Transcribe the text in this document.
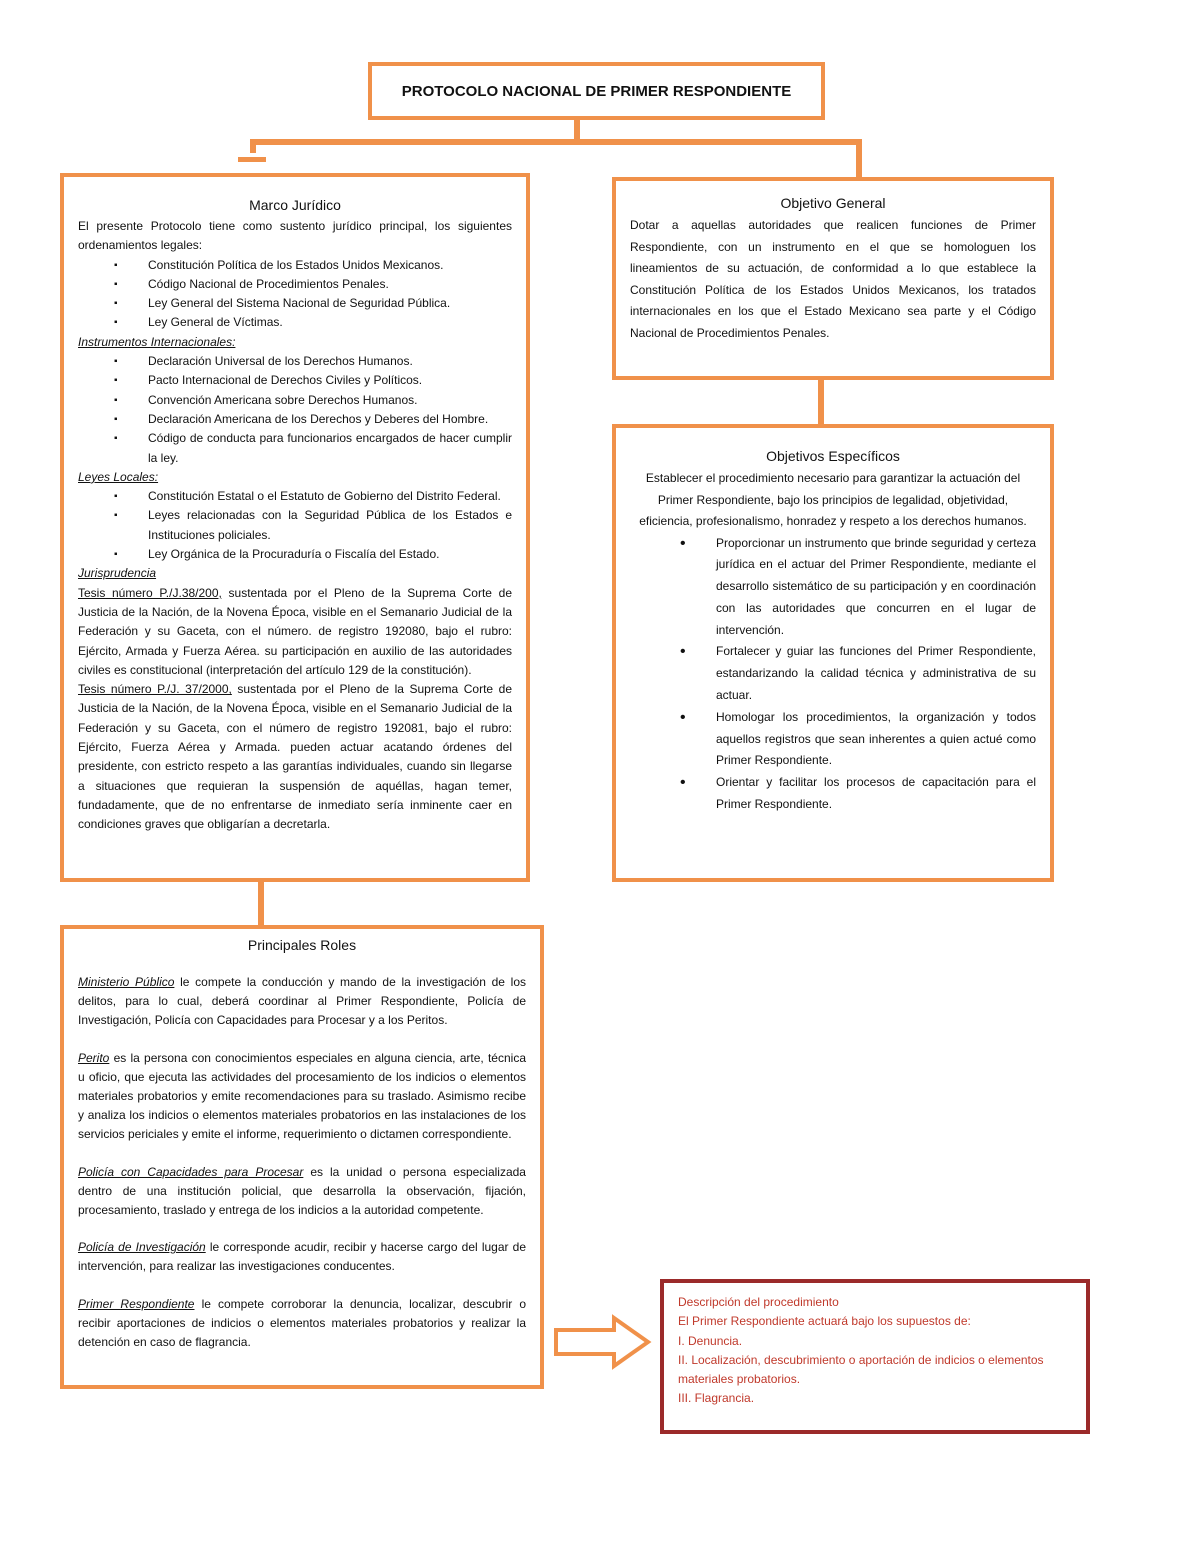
PROTOCOLO NACIONAL DE PRIMER RESPONDIENTE
Marco Jurídico

El presente Protocolo tiene como sustento jurídico principal, los siguientes ordenamientos legales:

▪ Constitución Política de los Estados Unidos Mexicanos.
▪ Código Nacional de Procedimientos Penales.
▪ Ley General del Sistema Nacional de Seguridad Pública.
▪ Ley General de Víctimas.

Instrumentos Internacionales:

▪ Declaración Universal de los Derechos Humanos.
▪ Pacto Internacional de Derechos Civiles y Políticos.
▪ Convención Americana sobre Derechos Humanos.
▪ Declaración Americana de los Derechos y Deberes del Hombre.
▪ Código de conducta para funcionarios encargados de hacer cumplir la ley.

Leyes Locales:

▪ Constitución Estatal o el Estatuto de Gobierno del Distrito Federal.
▪ Leyes relacionadas con la Seguridad Pública de los Estados e Instituciones policiales.
▪ Ley Orgánica de la Procuraduría o Fiscalía del Estado.

Jurisprudencia

Tesis número P./J.38/200, sustentada por el Pleno de la Suprema Corte de Justicia de la Nación, de la Novena Época, visible en el Semanario Judicial de la Federación y su Gaceta, con el número. de registro 192080, bajo el rubro: Ejército, Armada y Fuerza Aérea. su participación en auxilio de las autoridades civiles es constitucional (interpretación del artículo 129 de la constitución).

Tesis número P./J. 37/2000, sustentada por el Pleno de la Suprema Corte de Justicia de la Nación, de la Novena Época, visible en el Semanario Judicial de la Federación y su Gaceta, con el número de registro 192081, bajo el rubro: Ejército, Fuerza Aérea y Armada. pueden actuar acatando órdenes del presidente, con estricto respeto a las garantías individuales, cuando sin llegarse a situaciones que requieran la suspensión de aquéllas, hagan temer, fundadamente, que de no enfrentarse de inmediato sería inminente caer en condiciones graves que obligarían a decretarla.

Objetivo General

Dotar a aquellas autoridades que realicen funciones de Primer Respondiente, con un instrumento en el que se homologuen los lineamientos de su actuación, de conformidad a lo que establece la Constitución Política de los Estados Unidos Mexicanos, los tratados internacionales en los que el Estado Mexicano sea parte y el Código Nacional de Procedimientos Penales.

Objetivos Específicos

Establecer el procedimiento necesario para garantizar la actuación del Primer Respondiente, bajo los principios de legalidad, objetividad, eficiencia, profesionalismo, honradez y respeto a los derechos humanos.

• Proporcionar un instrumento que brinde seguridad y certeza jurídica en el actuar del Primer Respondiente, mediante el desarrollo sistemático de su participación y en coordinación con las autoridades que concurren en el lugar de intervención.
• Fortalecer y guiar las funciones del Primer Respondiente, estandarizando la calidad técnica y administrativa de su actuar.
• Homologar los procedimientos, la organización y todos aquellos registros que sean inherentes a quien actué como Primer Respondiente.
• Orientar y facilitar los procesos de capacitación para el Primer Respondiente.
Principales Roles

Ministerio Público le compete la conducción y mando de la investigación de los delitos, para lo cual, deberá coordinar al Primer Respondiente, Policía de Investigación, Policía con Capacidades para Procesar y a los Peritos.

Perito es la persona con conocimientos especiales en alguna ciencia, arte, técnica u oficio, que ejecuta las actividades del procesamiento de los indicios o elementos materiales probatorios y emite recomendaciones para su traslado. Asimismo recibe y analiza los indicios o elementos materiales probatorios en las instalaciones de los servicios periciales y emite el informe, requerimiento o dictamen correspondiente.

Policía con Capacidades para Procesar es la unidad o persona especializada dentro de una institución policial, que desarrolla la observación, fijación, procesamiento, traslado y entrega de los indicios a la autoridad competente.

Policía de Investigación le corresponde acudir, recibir y hacerse cargo del lugar de intervención, para realizar las investigaciones conducentes.

Primer Respondiente le compete corroborar la denuncia, localizar, descubrir o recibir aportaciones de indicios o elementos materiales probatorios y realizar la detención en caso de flagrancia.

Descripción del procedimiento

El Primer Respondiente actuará bajo los supuestos de:

I. Denuncia.

II. Localización, descubrimiento o aportación de indicios o elementos materiales probatorios.

III. Flagrancia.
